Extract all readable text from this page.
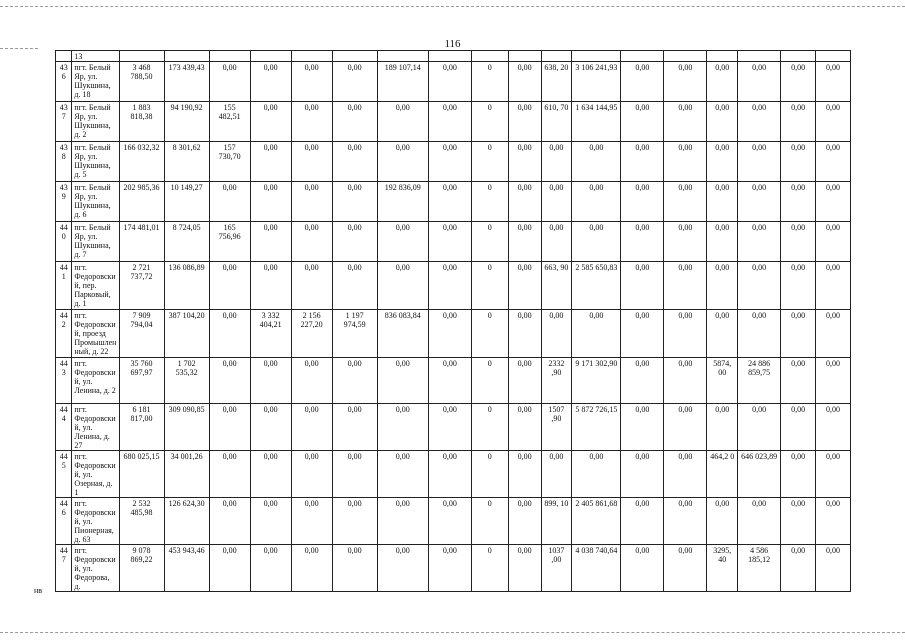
116
	13																		
43 6	пгт. Белый Яр, ул. Шукшина, д. 18	3 468 788,50	173 439,43	0,00	0,00	0,00	0,00	189 107,14	0,00	0	0,00	638, 20	3 106 241,93	0,00	0,00	0,00	0,00	0,00	0,00
43 7	пгт. Белый Яр, ул. Шукшина, д. 2	1 883 818,38	94 190,92	155 482,51	0,00	0,00	0,00	0,00	0,00	0	0,00	610, 70	1 634 144,95	0,00	0,00	0,00	0,00	0,00	0,00
43 8	пгт. Белый Яр, ул. Шукшина, д. 5	166 032,32	8 301,62	157 730,70	0,00	0,00	0,00	0,00	0,00	0	0,00	0,00	0,00	0,00	0,00	0,00	0,00	0,00	0,00
43 9	пгт. Белый Яр, ул. Шукшина, д. 6	202 985,36	10 149,27	0,00	0,00	0,00	0,00	192 836,09	0,00	0	0,00	0,00	0,00	0,00	0,00	0,00	0,00	0,00	0,00
44 0	пгт. Белый Яр, ул. Шукшина, д. 7	174 481,01	8 724,05	165 756,96	0,00	0,00	0,00	0,00	0,00	0	0,00	0,00	0,00	0,00	0,00	0,00	0,00	0,00	0,00
44 1	пгт. Федоровский, пер. Парковый, д. 1	2 721 737,72	136 086,89	0,00	0,00	0,00	0,00	0,00	0,00	0	0,00	663, 90	2 585 650,83	0,00	0,00	0,00	0,00	0,00	0,00
44 2	пгт. Федоровский, проезд Промышленный, д. 22	7 909 794,04	387 104,20	0,00	3 332 404,21	2 156 227,20	1 197 974,59	836 083,84	0,00	0	0,00	0,00	0,00	0,00	0,00	0,00	0,00	0,00	0,00
44 3	пгт. Федоровский, ул. Ленина, д. 2	35 760 697,97	1 702 535,32	0,00	0,00	0,00	0,00	0,00	0,00	0	0,00	2332 ,90	9 171 302,90	0,00	0,00	5874, 00	24 886 859,75	0,00	0,00
44 4	пгт. Федоровский, ул. Ленина, д. 27	6 181 817,00	309 090,85	0,00	0,00	0,00	0,00	0,00	0,00	0	0,00	1507 ,90	5 872 726,15	0,00	0,00	0,00	0,00	0,00	0,00
44 5	пгт. Федоровский, ул. Озерная, д. 1	680 025,15	34 001,26	0,00	0,00	0,00	0,00	0,00	0,00	0	0,00	0,00	0,00	0,00	0,00	464,2 0	646 023,89	0,00	0,00
44 6	пгт. Федоровский, ул. Пионерная, д. 63	2 532 485,98	126 624,30	0,00	0,00	0,00	0,00	0,00	0,00	0	0,00	899, 10	2 405 861,68	0,00	0,00	0,00	0,00	0,00	0,00
44 7	пгт. Федоровский, ул. Федорова, д.	9 078 869,22	453 943,46	0,00	0,00	0,00	0,00	0,00	0,00	0	0,00	1037 ,00	4 038 740,64	0,00	0,00	3295, 40	4 586 185,12	0,00	0,00
нв
